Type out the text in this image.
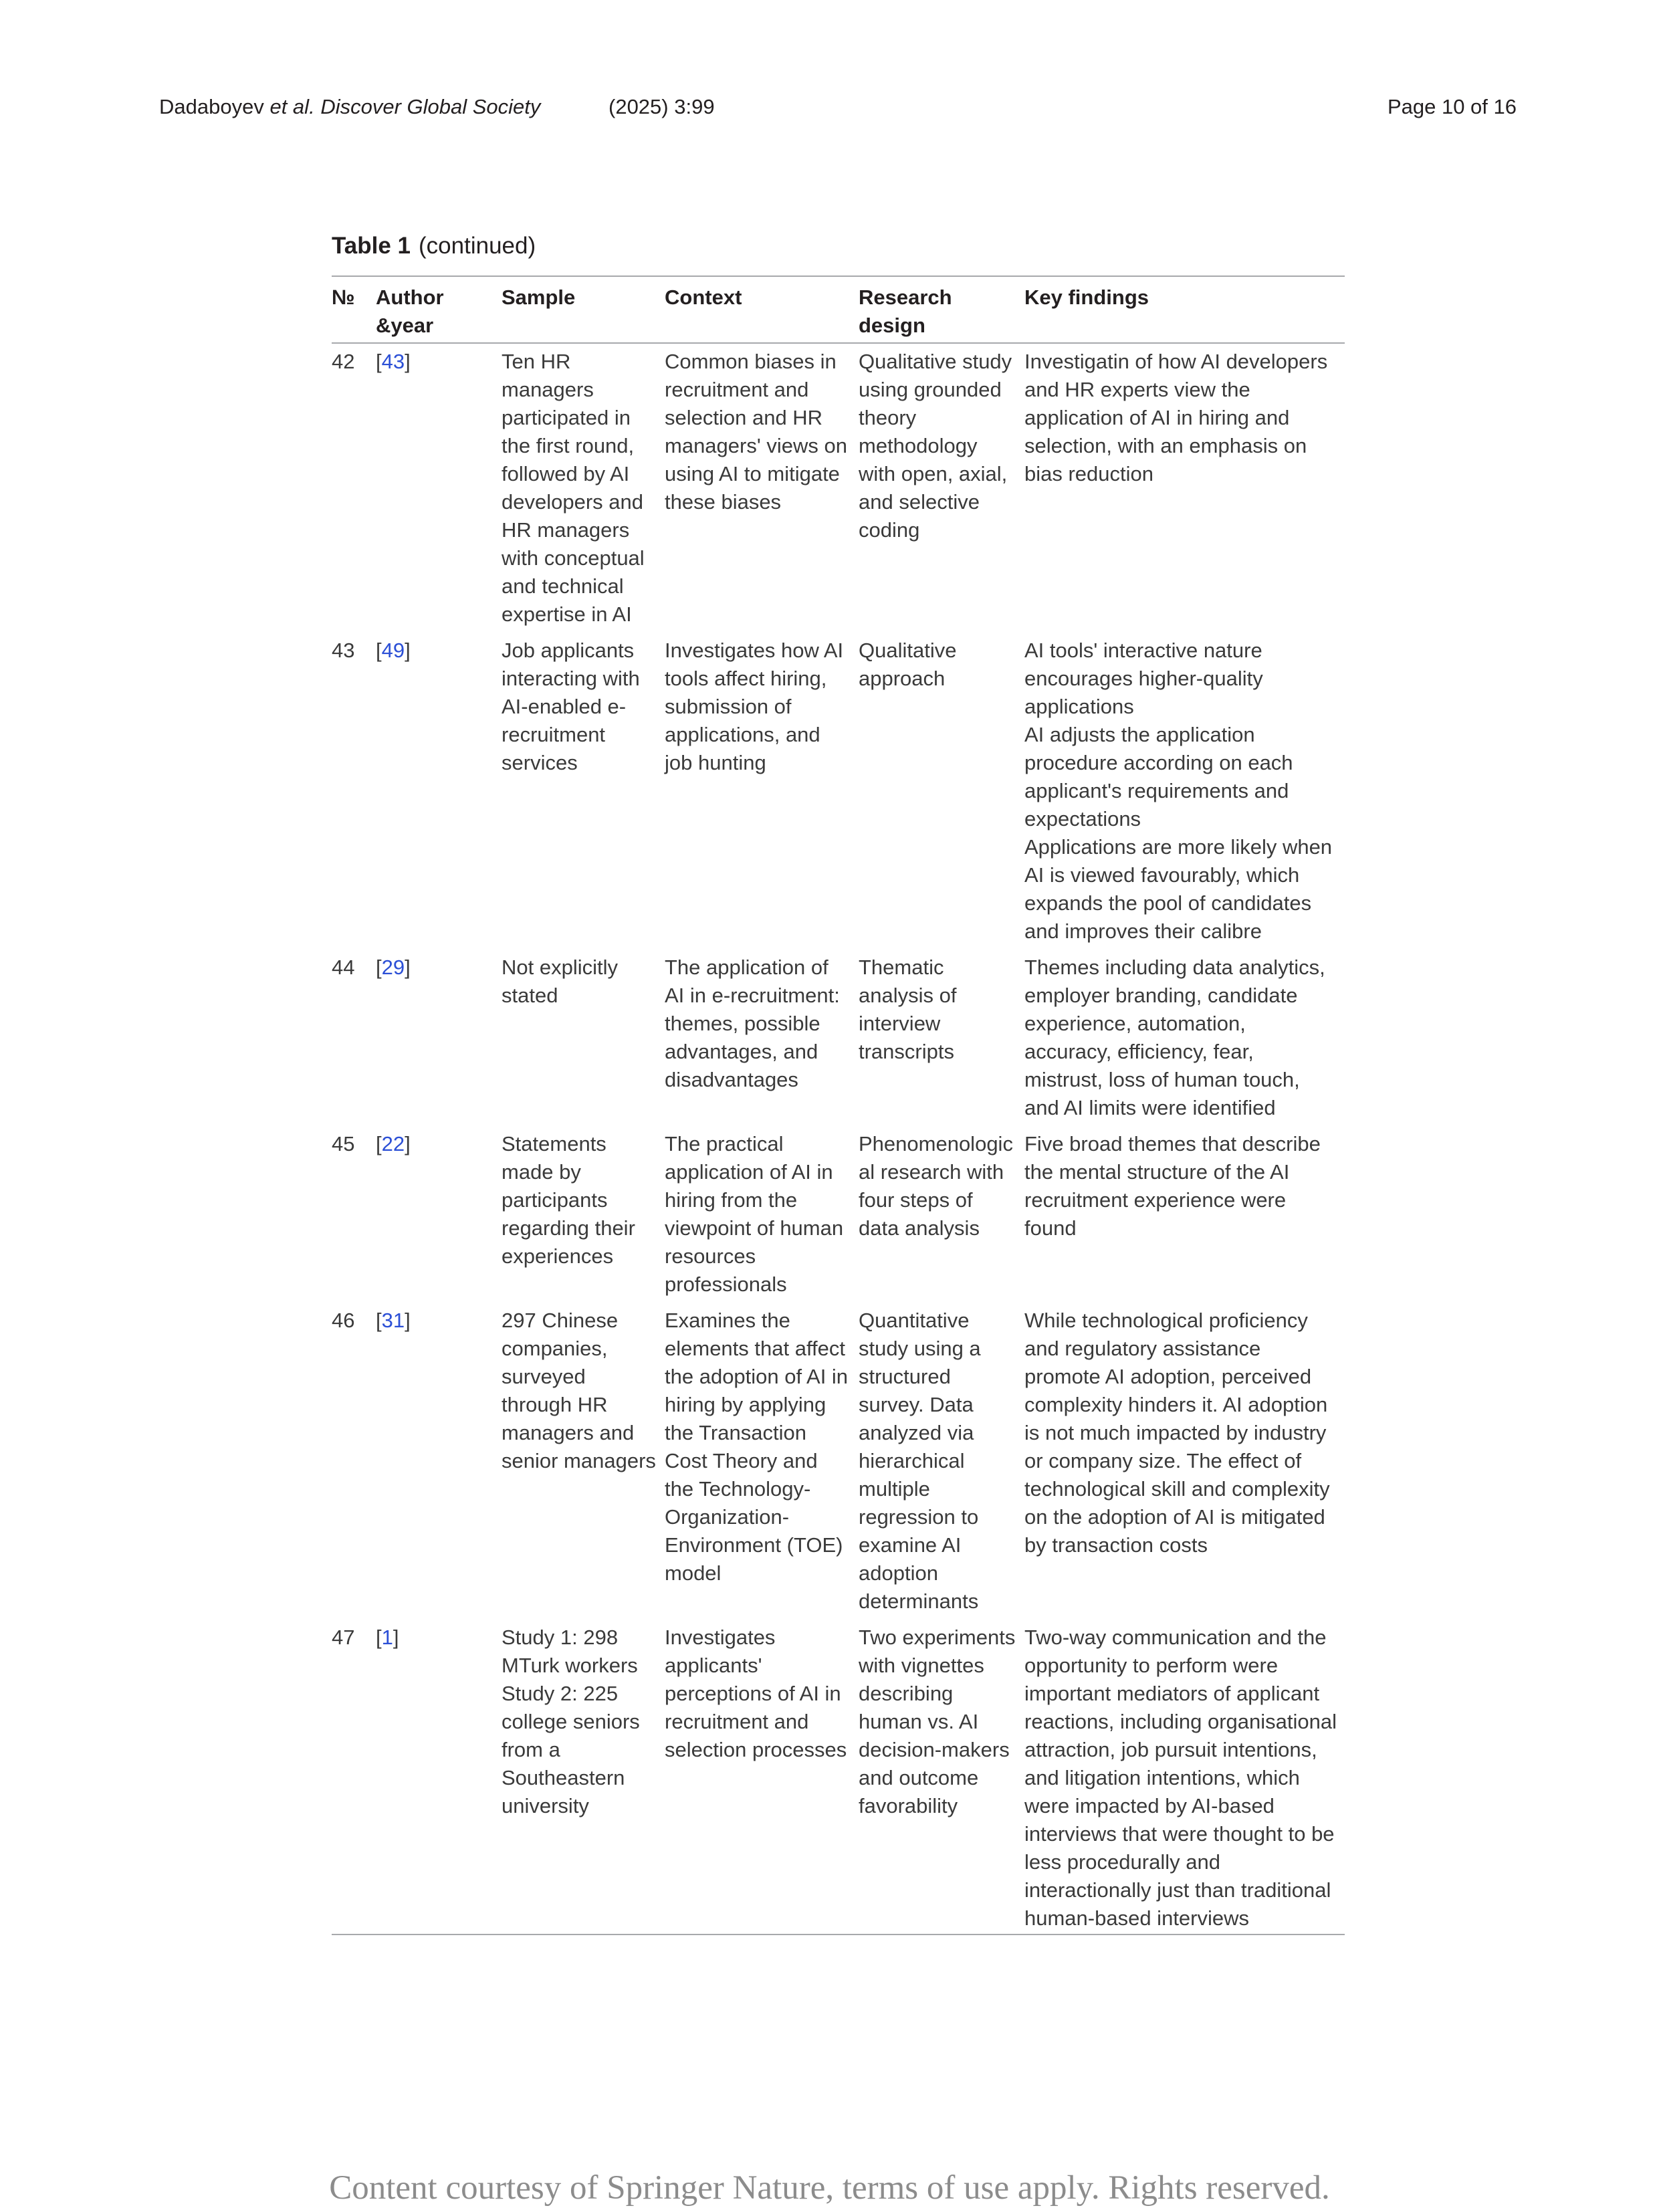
Dadaboyev et al. Discover Global Society	(2025) 3:99	Page 10 of 16
Table 1 (continued)
№	Author &year	Sample	Context	Research design	Key findings
42	[43]	Ten HR managers participated in the first round, followed by AI developers and HR managers with conceptual and technical expertise in AI	Common biases in recruitment and selection and HR managers' views on using AI to mitigate these biases	Qualitative study using grounded theory methodology with open, axial, and selective coding	Investigatin of how AI developers and HR experts view the application of AI in hiring and selection, with an emphasis on bias reduction

43	[49]	Job applicants interacting with AI-enabled e-recruitment services	Investigates how AI tools affect hiring, submission of applications, and job hunting	Qualitative approach	AI tools' interactive nature encourages higher-quality applications
AI adjusts the application procedure according on each applicant's requirements and expectations
Applications are more likely when AI is viewed favourably, which expands the pool of candidates and improves their calibre

44	[29]	Not explicitly stated	The application of AI in e-recruitment: themes, possible advantages, and disadvantages	Thematic analysis of interview transcripts	Themes including data analytics, employer branding, candidate experience, automation, accuracy, efficiency, fear, mistrust, loss of human touch, and AI limits were identified

45	[22]	Statements made by participants regarding their experiences	The practical application of AI in hiring from the viewpoint of human resources professionals	Phenomenological research with four steps of data analysis	Five broad themes that describe the mental structure of the AI recruitment experience were found

46	[31]	297 Chinese companies, surveyed through HR managers and senior managers	Examines the elements that affect the adoption of AI in hiring by applying the Transaction Cost Theory and the Technology-Organization-Environment (TOE) model	Quantitative study using a structured survey. Data analyzed via hierarchical multiple regression to examine AI adoption determinants	While technological proficiency and regulatory assistance promote AI adoption, perceived complexity hinders it. AI adoption is not much impacted by industry or company size. The effect of technological skill and complexity on the adoption of AI is mitigated by transaction costs

47	[1]	Study 1: 298 MTurk workers
Study 2: 225 college seniors from a Southeastern university	Investigates applicants' perceptions of AI in recruitment and selection processes	Two experiments with vignettes describing human vs. AI decision-makers and outcome favorability	Two-way communication and the opportunity to perform were important mediators of applicant reactions, including organisational attraction, job pursuit intentions, and litigation intentions, which were impacted by AI-based interviews that were thought to be less procedurally and interactionally just than traditional human-based interviews
Content courtesy of Springer Nature, terms of use apply. Rights reserved.
